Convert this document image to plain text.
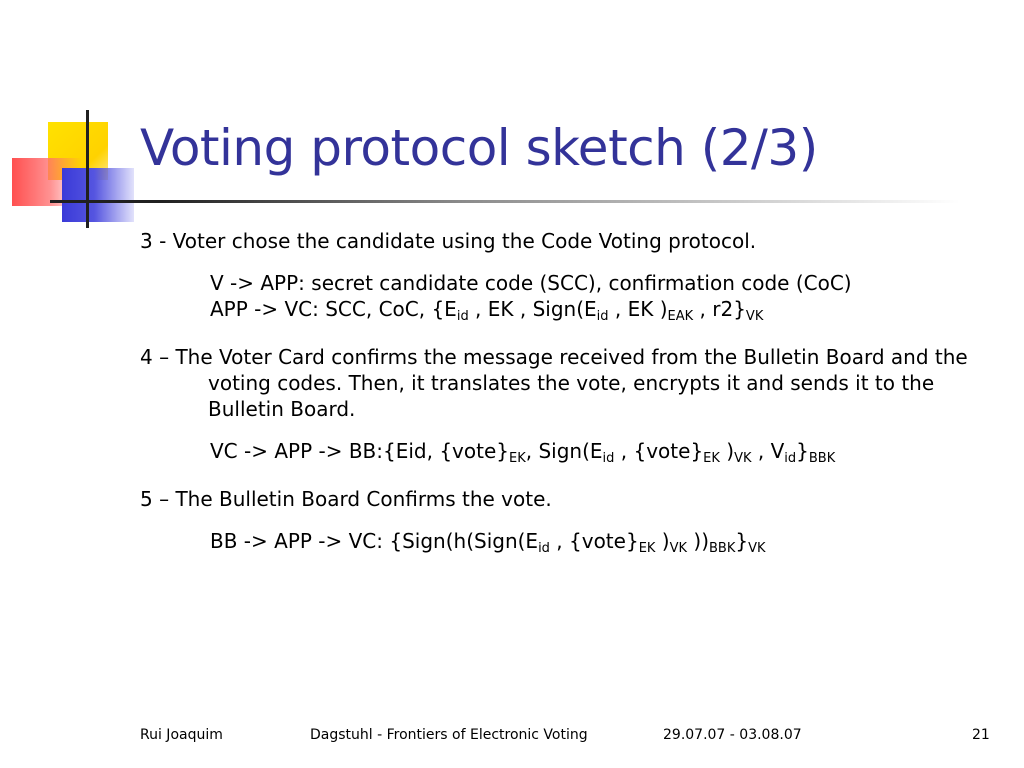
Voting protocol sketch (2/3)

3 - Voter chose the candidate using the Code Voting protocol.

V -> APP: secret candidate code (SCC), confirmation code (CoC)

APP -> VC: SCC, CoC, {$E_{id}$ , EK , $Sign(E_{id}$ , EK )$_{EAK}$ , $r2\}_{VK}$

4 – The Voter Card confirms the message received from the Bulletin Board and the voting codes. Then, it translates the vote, encrypts it and sends it to the Bulletin Board.

VC -> APP -> BB:{Eid, $\{vote\}_{EK}$, $Sign(E_{id}$ , $\{vote\}_{EK}$ )$_{VK}$ , $V_{id}\}_{BBK}$

5 – The Bulletin Board Confirms the vote.

BB -> APP -> VC: {$Sign(h(Sign(E_{id}$ , $\{vote\}_{EK}$ )$_{VK}$ ))$_{BBK}\}_{VK}$

Rui Joaquim	Dagstuhl - Frontiers of Electronic Voting	29.07.07 - 03.08.07	21
